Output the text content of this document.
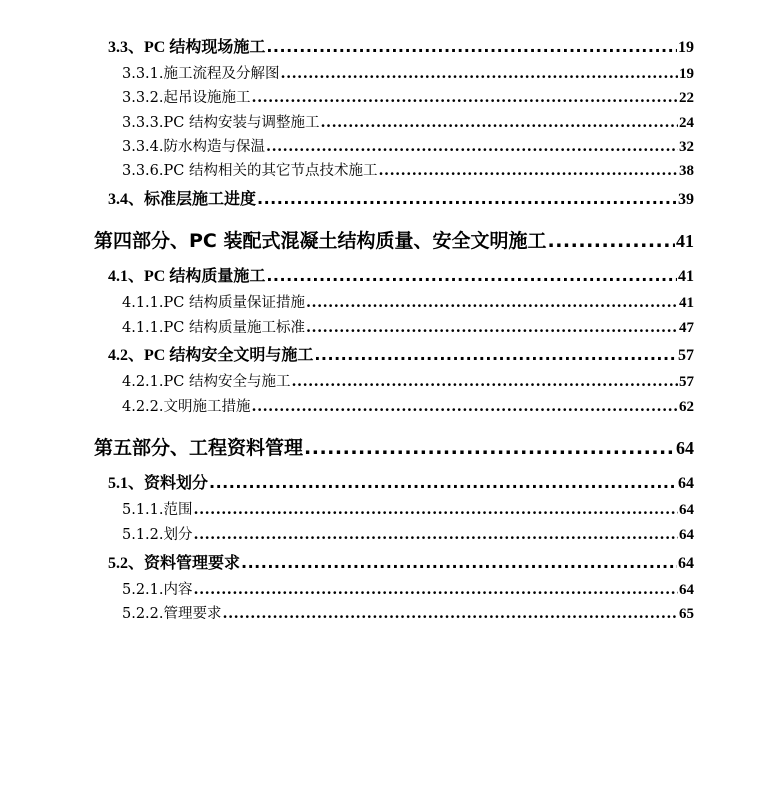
3.3、PC 结构现场施工 .....	19
3.3.1.施工流程及分解图 .....	19
3.3.2.起吊设施施工 .....	22
3.3.3.PC 结构安装与调整施工 .....	24
3.3.4.防水构造与保温 .....	32
3.3.6.PC 结构相关的其它节点技术施工 .....	38
3.4、标准层施工进度 .....	39
第四部分、PC 装配式混凝土结构质量、安全文明施工 .....	41
4.1、PC 结构质量施工 .....	41
4.1.1.PC 结构质量保证措施 .....	41
4.1.1.PC 结构质量施工标准 .....	47
4.2、PC 结构安全文明与施工 .....	57
4.2.1.PC 结构安全与施工 .....	57
4.2.2.文明施工措施 .....	62
第五部分、工程资料管理 .....	64
5.1、资料划分 .....	64
5.1.1.范围 .....	64
5.1.2.划分 .....	64
5.2、资料管理要求 .....	64
5.2.1.内容 .....	64
5.2.2.管理要求 .....	65
